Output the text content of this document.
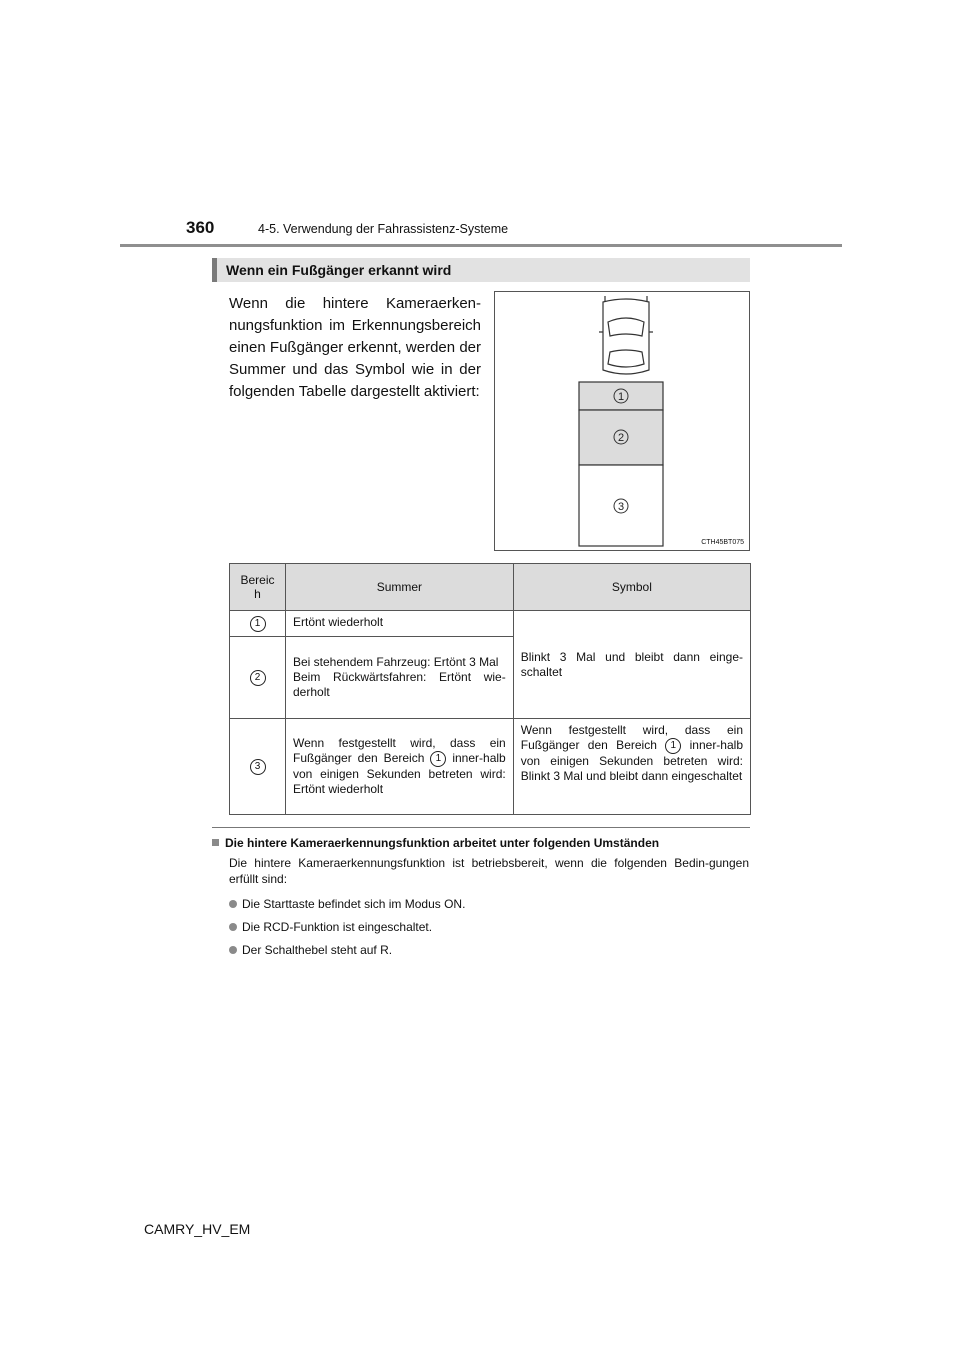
360	4-5. Verwendung der Fahrassistenz-Systeme
Wenn ein Fußgänger erkannt wird
Wenn die hintere Kameraerken-nungsfunktion im Erkennungsbereich einen Fußgänger erkennt, werden der Summer und das Symbol wie in der folgenden Tabelle dargestellt aktiviert:	1
2
3
CTH45BT075
Bereic
h	Summer	Symbol
1	Ertönt wiederholt	Blinkt 3 Mal und bleibt dann einge-schaltet
2	Bei stehendem Fahrzeug: Ertönt 3 Mal
Beim Rückwärtsfahren: Ertönt wie-derholt	

3	Wenn festgestellt wird, dass ein Fußgänger den Bereich 1 inner-halb von einigen Sekunden betreten wird: Ertönt wiederholt	Wenn festgestellt wird, dass ein Fußgänger den Bereich 1 inner-halb von einigen Sekunden betreten wird: Blinkt 3 Mal und bleibt dann eingeschaltet
Die hintere Kameraerkennungsfunktion arbeitet unter folgenden Umständen
Die hintere Kameraerkennungsfunktion ist betriebsbereit, wenn die folgenden Bedin-gungen erfüllt sind:
Die Starttaste befindet sich im Modus ON.
Die RCD-Funktion ist eingeschaltet.
Der Schalthebel steht auf R.
CAMRY_HV_EM
